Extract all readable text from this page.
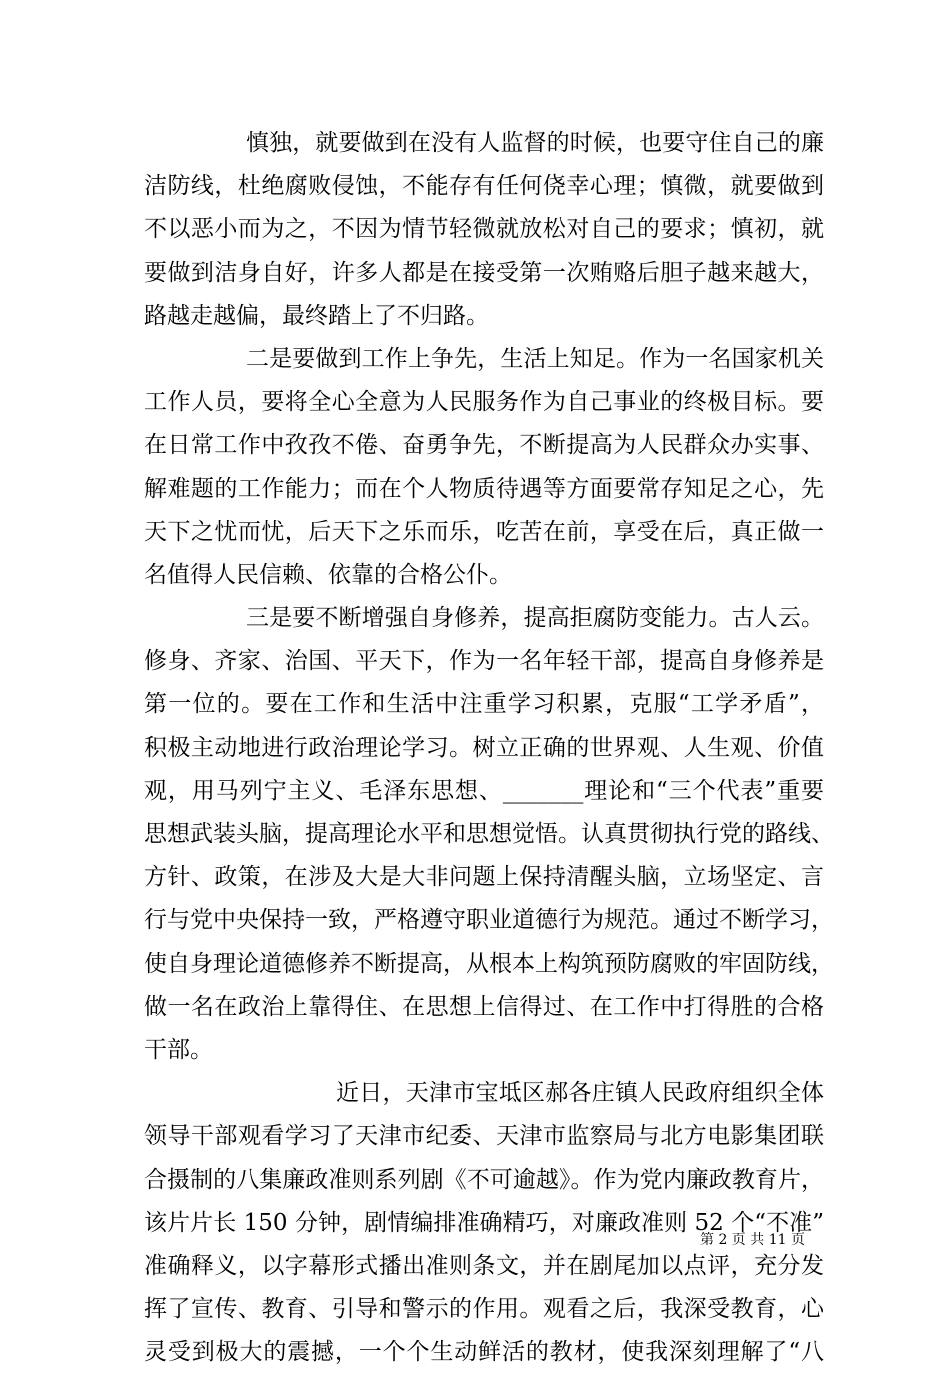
慎独，就要做到在没有人监督的时候，也要守住自己的廉
洁防线，杜绝腐败侵蚀，不能存有任何侥幸心理；慎微，就要做到
不以恶小而为之，不因为情节轻微就放松对自己的要求；慎初，就
要做到洁身自好，许多人都是在接受第一次贿赂后胆子越来越大，
路越走越偏，最终踏上了不归路。
二是要做到工作上争先，生活上知足。作为一名国家机关
工作人员，要将全心全意为人民服务作为自己事业的终极目标。要
在日常工作中孜孜不倦、奋勇争先，不断提高为人民群众办实事、
解难题的工作能力；而在个人物质待遇等方面要常存知足之心，先
天下之忧而忧，后天下之乐而乐，吃苦在前，享受在后，真正做一
名值得人民信赖、依靠的合格公仆。
三是要不断增强自身修养，提高拒腐防变能力。古人云。
修身、齐家、治国、平天下，作为一名年轻干部，提高自身修养是
第一位的。要在工作和生活中注重学习积累，克服“工学矛盾”，
积极主动地进行政治理论学习。树立正确的世界观、人生观、价值
观，用马列宁主义、毛泽东思想、_______理论和“三个代表”重要
思想武装头脑，提高理论水平和思想觉悟。认真贯彻执行党的路线、
方针、政策，在涉及大是大非问题上保持清醒头脑，立场坚定、言
行与党中央保持一致，严格遵守职业道德行为规范。通过不断学习，
使自身理论道德修养不断提高，从根本上构筑预防腐败的牢固防线，
做一名在政治上靠得住、在思想上信得过、在工作中打得胜的合格
干部。
近日，天津市宝坻区郝各庄镇人民政府组织全体
领导干部观看学习了天津市纪委、天津市监察局与北方电影集团联
合摄制的八集廉政准则系列剧《不可逾越》。作为党内廉政教育片，
该片片长 150 分钟，剧情编排准确精巧，对廉政准则 52 个“不准”
准确释义，以字幕形式播出准则条文，并在剧尾加以点评，充分发
挥了宣传、教育、引导和警示的作用。观看之后，我深受教育，心
灵受到极大的震撼，一个个生动鲜活的教材，使我深刻理解了“八
第 2 页 共 11 页
